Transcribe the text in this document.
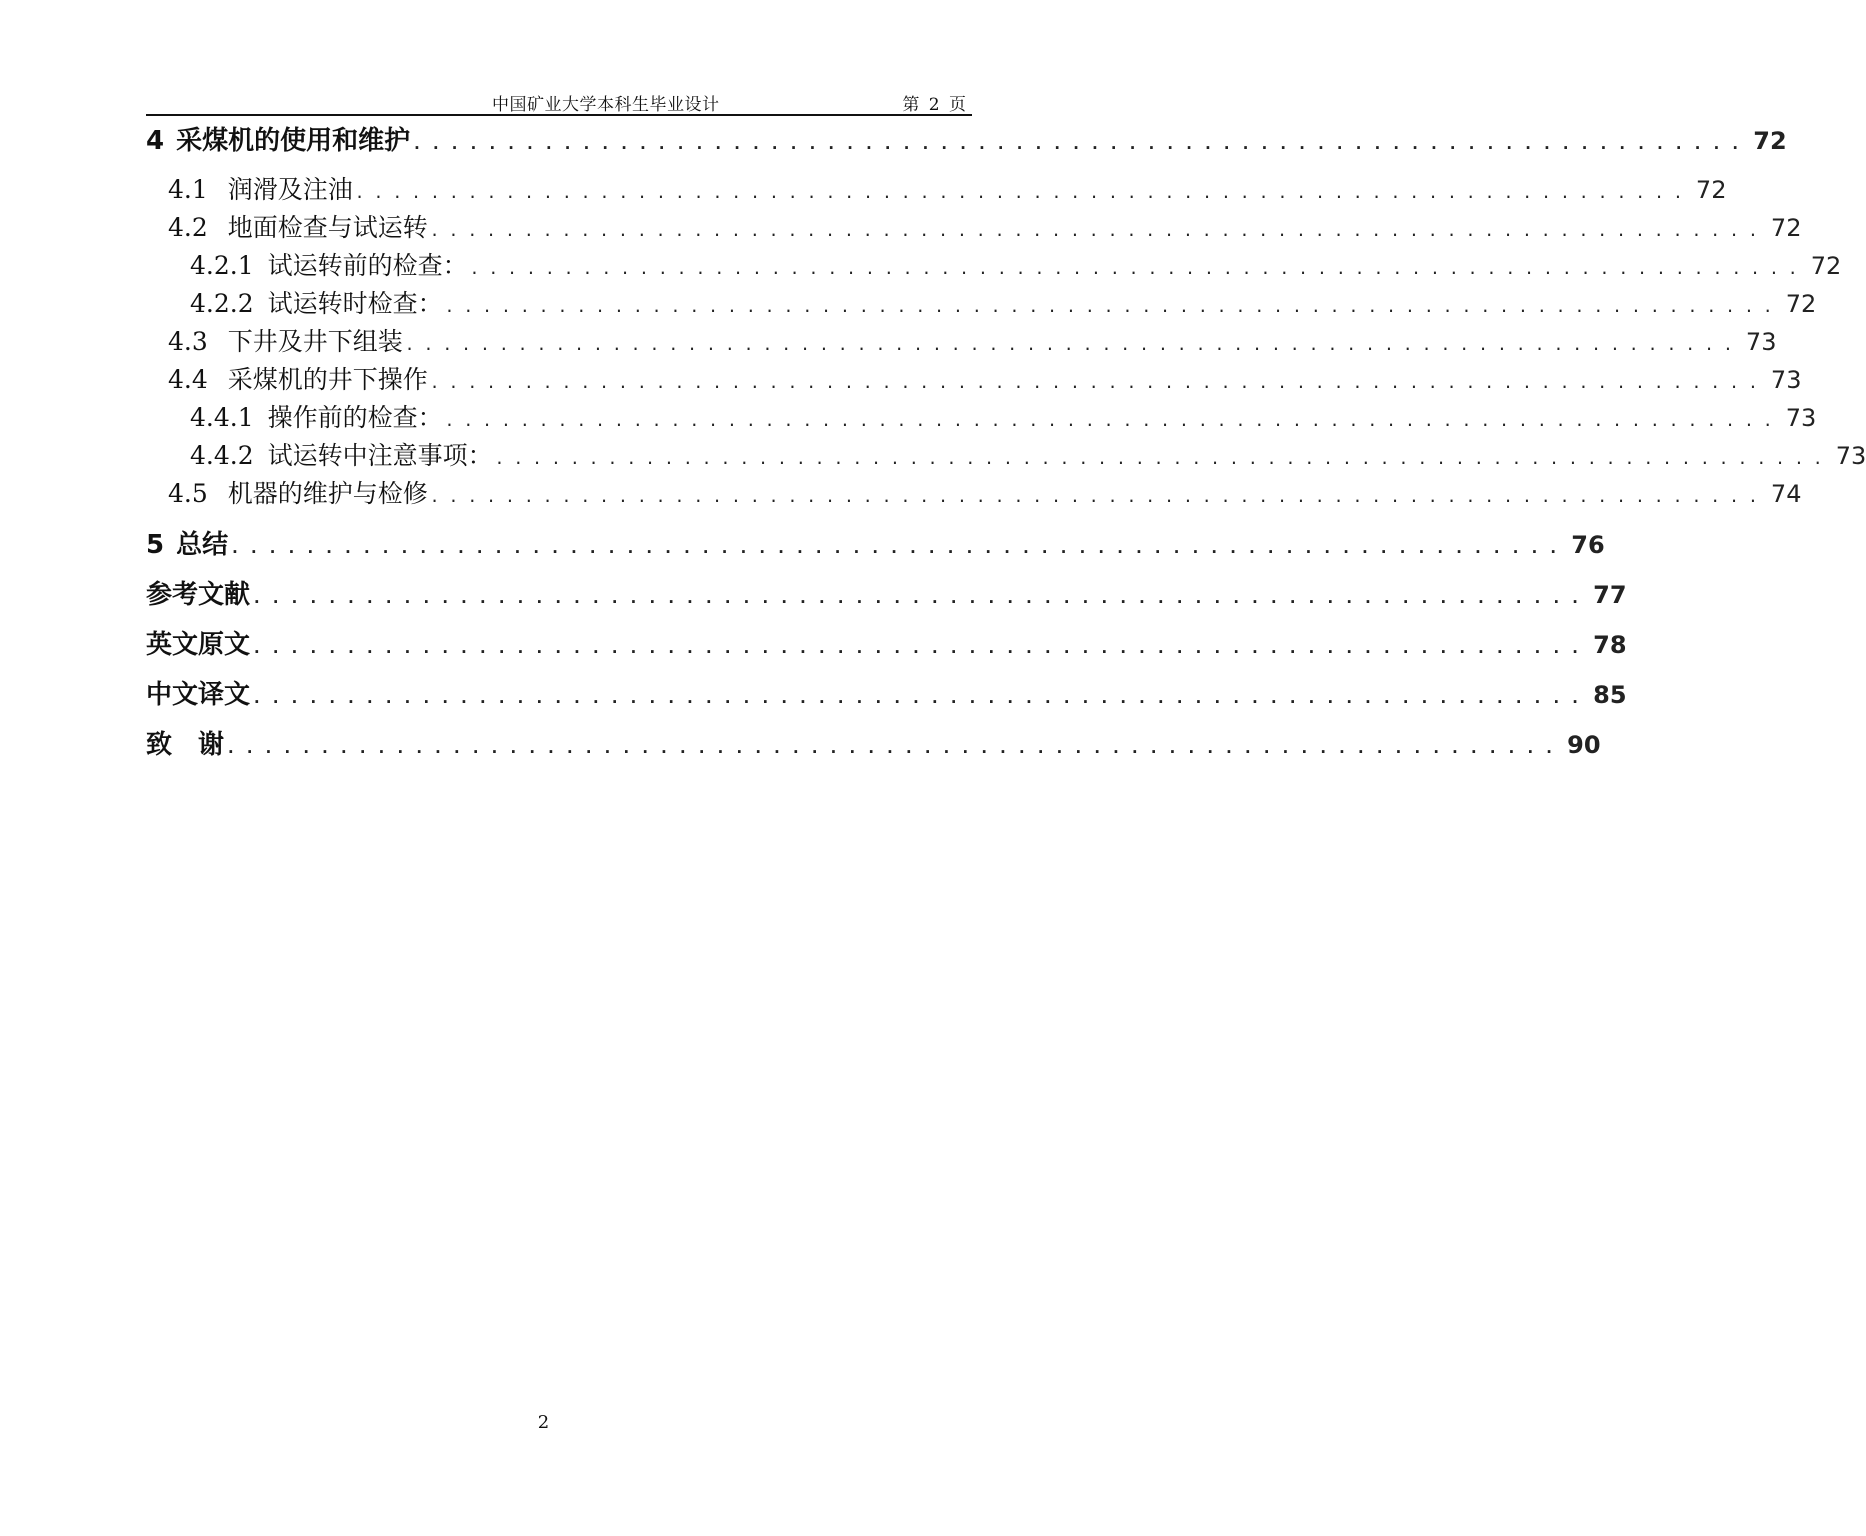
中国矿业大学本科生毕业设计	第 2 页
4 采煤机的使用和维护 ....................................................................... 72
4.1 润滑及注油 ....................................................................... 72
4.2 地面检查与试运转 ....................................................................... 72
4.2.1 试运转前的检查： ....................................................................... 72
4.2.2 试运转时检查： ....................................................................... 72
4.3 下井及井下组装 ....................................................................... 73
4.4 采煤机的井下操作 ....................................................................... 73
4.4.1 操作前的检查： ....................................................................... 73
4.4.2 试运转中注意事项： ....................................................................... 73
4.5 机器的维护与检修 ....................................................................... 74
5 总结 ....................................................................... 76
参考文献 ....................................................................... 77
英文原文 ....................................................................... 78
中文译文 ....................................................................... 85
致　谢 ....................................................................... 90
2
